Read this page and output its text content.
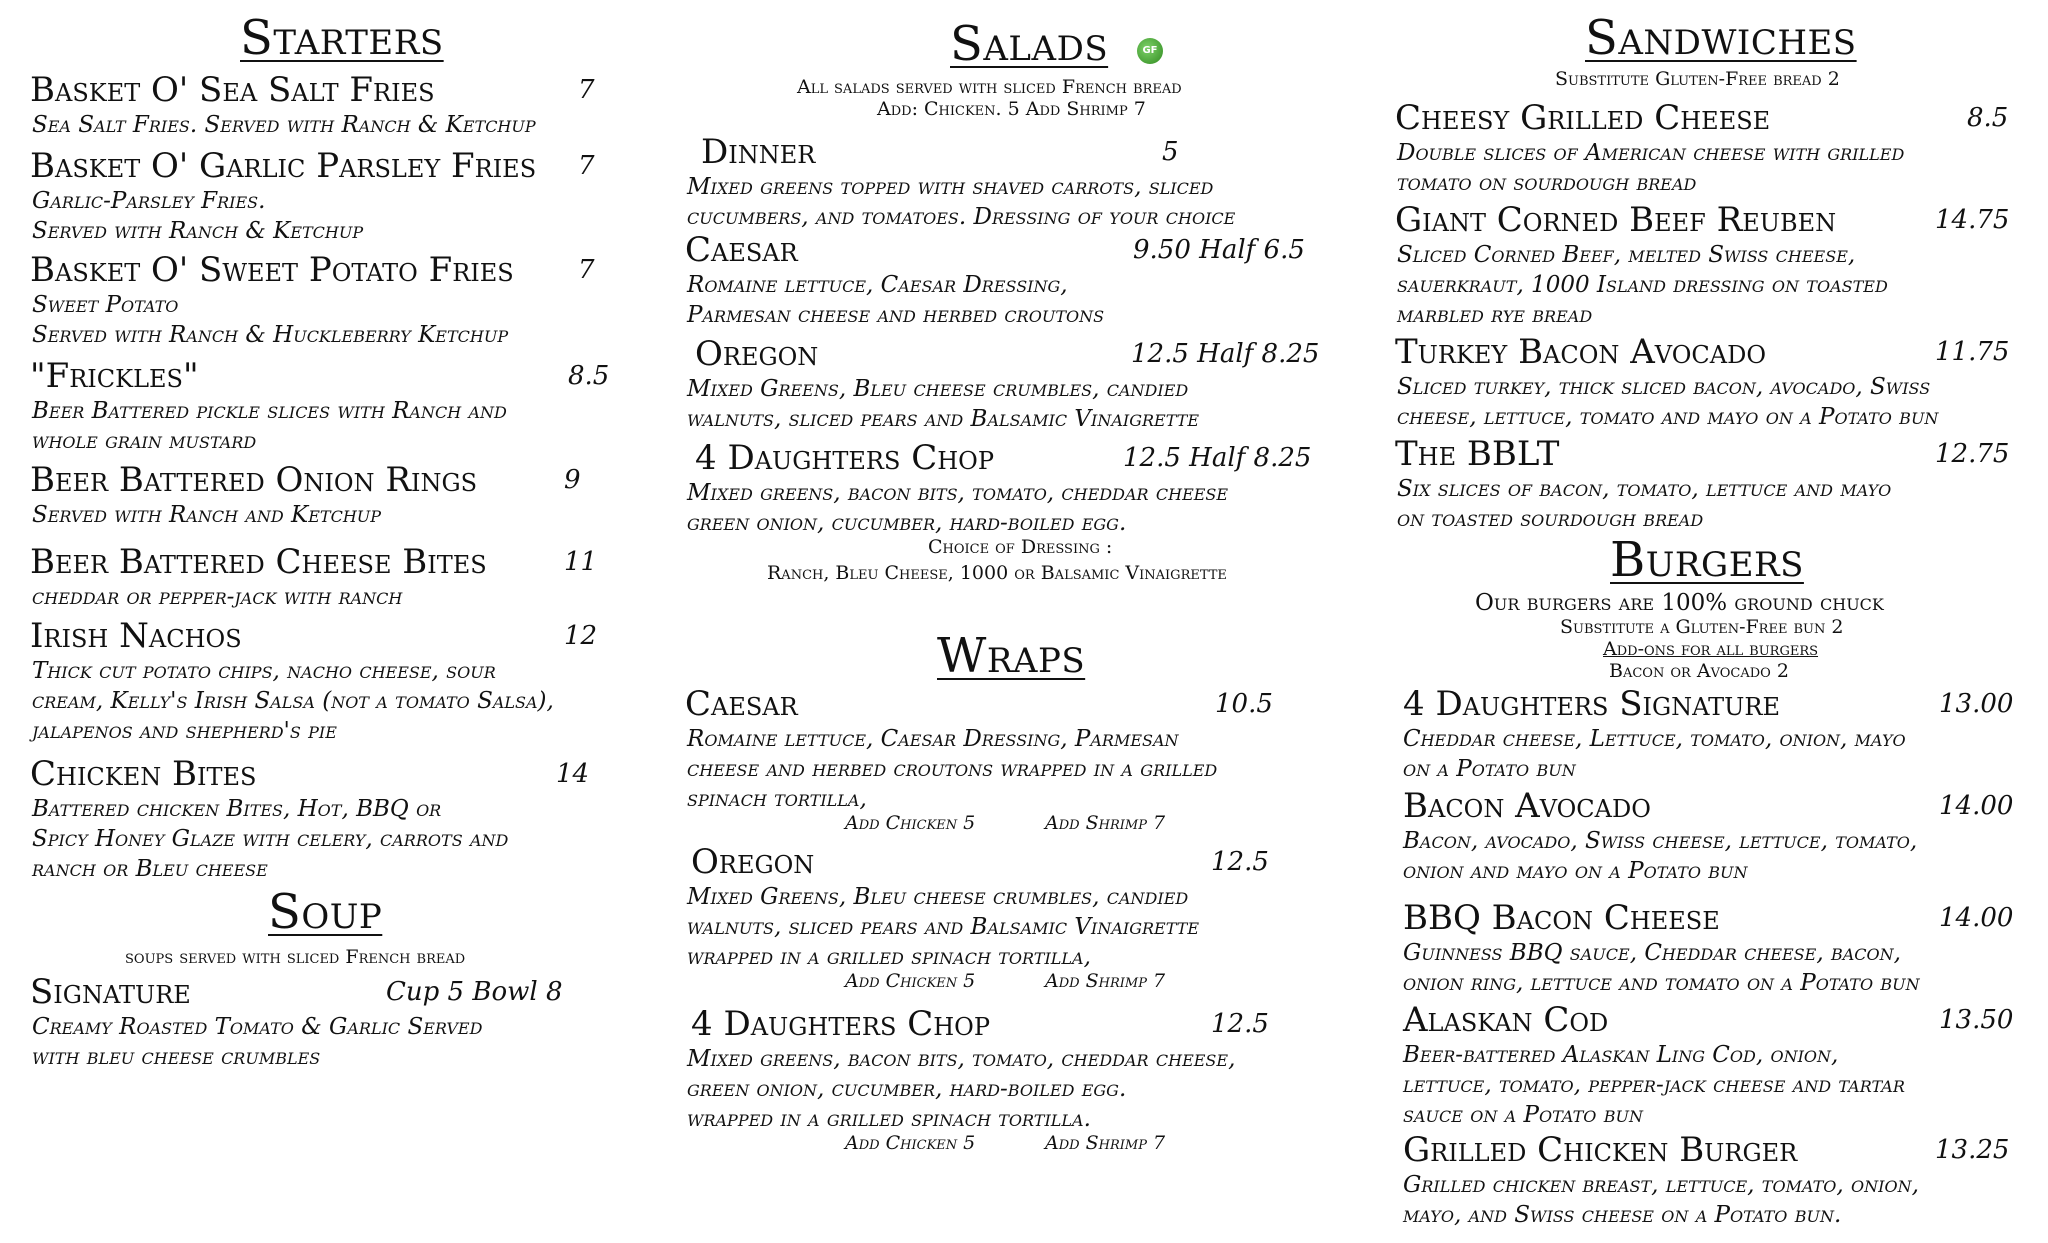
Starters
Basket O' Sea Salt Fries	7
Sea Salt Fries. Served with Ranch & Ketchup
Basket O' Garlic Parsley Fries 7
Garlic-Parsley Fries.
Served with Ranch & Ketchup
Basket O' Sweet Potato Fries 7
Sweet Potato
Served with Ranch & Huckleberry Ketchup
"Frickles"	8.5
Beer Battered pickle slices with Ranch and
whole grain mustard
Beer Battered Onion Rings	9
Served with Ranch and Ketchup
Beer Battered Cheese Bites	11
cheddar or pepper-jack with ranch
Irish Nachos	12
Thick cut potato chips, nacho cheese, sour
cream, Kelly's Irish Salsa (not a tomato Salsa),
jalapenos and shepherd's pie
Chicken Bites	14
Battered chicken Bites, Hot, BBQ or
Spicy Honey Glaze with celery, carrots and
ranch or Bleu cheese
Soup
soups served with sliced French bread
Signature	Cup 5 Bowl 8
Creamy Roasted Tomato & Garlic Served
with bleu cheese crumbles
Salads	GF
All salads served with sliced French bread
Add: Chicken. 5 Add Shrimp 7
Dinner	5
Mixed greens topped with shaved carrots, sliced
cucumbers, and tomatoes. Dressing of your choice
Caesar	9.50 Half 6.5
Romaine lettuce, Caesar Dressing,
Parmesan cheese and herbed croutons
Oregon	12.5 Half 8.25
Mixed Greens, Bleu cheese crumbles, candied
walnuts, sliced pears and Balsamic Vinaigrette
4 Daughters Chop	12.5 Half 8.25
Mixed greens, bacon bits, tomato, cheddar cheese
green onion, cucumber, hard-boiled egg.
Choice of Dressing :
Ranch, Bleu Cheese, 1000 or Balsamic Vinaigrette
Wraps
Caesar	10.5
Romaine lettuce, Caesar Dressing, Parmesan
cheese and herbed croutons wrapped in a grilled
spinach tortilla,
Add Chicken 5	Add Shrimp 7
Oregon	12.5
Mixed Greens, Bleu cheese crumbles, candied
walnuts, sliced pears and Balsamic Vinaigrette
wrapped in a grilled spinach tortilla,
Add Chicken 5	Add Shrimp 7
4 Daughters Chop	12.5
Mixed greens, bacon bits, tomato, cheddar cheese,
green onion, cucumber, hard-boiled egg.
wrapped in a grilled spinach tortilla.
Add Chicken 5	Add Shrimp 7
Sandwiches
Substitute Gluten-Free bread 2
Cheesy Grilled Cheese	8.5
Double slices of American cheese with grilled
tomato on sourdough bread
Giant Corned Beef Reuben	14.75
Sliced Corned Beef, melted Swiss cheese,
sauerkraut, 1000 Island dressing on toasted
marbled rye bread
Turkey Bacon Avocado	11.75
Sliced turkey, thick sliced bacon, avocado, Swiss
cheese, lettuce, tomato and mayo on a Potato bun
The BBLT	12.75
Six slices of bacon, tomato, lettuce and mayo
on toasted sourdough bread
Burgers
Our burgers are 100% ground chuck
Substitute a Gluten-Free bun 2
Add-ons for all burgers
Bacon or Avocado 2
4 Daughters Signature	13.00
Cheddar cheese, Lettuce, tomato, onion, mayo
on a Potato bun
Bacon Avocado	14.00
Bacon, avocado, Swiss cheese, lettuce, tomato,
onion and mayo on a Potato bun
BBQ Bacon Cheese	14.00
Guinness BBQ sauce, Cheddar cheese, bacon,
onion ring, lettuce and tomato on a Potato bun
Alaskan Cod	13.50
Beer-battered Alaskan Ling Cod, onion,
lettuce, tomato, pepper-jack cheese and tartar
sauce on a Potato bun
Grilled Chicken Burger	13.25
Grilled chicken breast, lettuce, tomato, onion,
mayo, and Swiss cheese on a Potato bun.
